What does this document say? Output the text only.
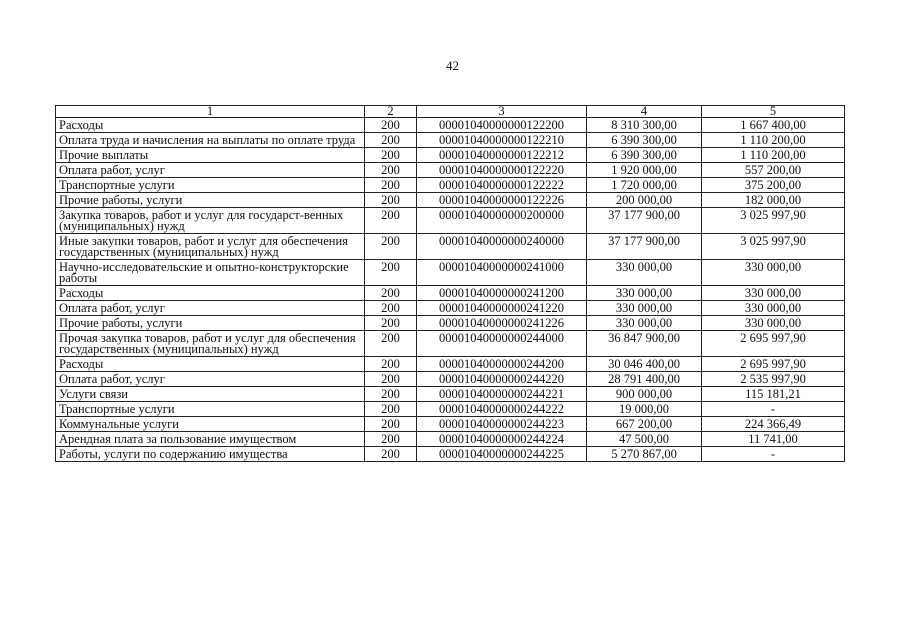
42
1	2	3	4	5
Расходы	200	00001040000000122200	8 310 300,00	1 667 400,00
Оплата труда и начисления на выплаты по оплате труда	200	00001040000000122210	6 390 300,00	1 110 200,00
Прочие выплаты	200	00001040000000122212	6 390 300,00	1 110 200,00
Оплата работ, услуг	200	00001040000000122220	1 920 000,00	557 200,00
Транспортные услуги	200	00001040000000122222	1 720 000,00	375 200,00
Прочие работы, услуги	200	00001040000000122226	200 000,00	182 000,00
Закупка товаров, работ и услуг для государст-венных (муниципальных) нужд	200	00001040000000200000	37 177 900,00	3 025 997,90
Иные закупки товаров, работ и услуг для обеспечения государственных (муниципальных) нужд	200	00001040000000240000	37 177 900,00	3 025 997,90
Научно-исследовательские и опытно-конструкторские работы	200	00001040000000241000	330 000,00	330 000,00
Расходы	200	00001040000000241200	330 000,00	330 000,00
Оплата работ, услуг	200	00001040000000241220	330 000,00	330 000,00
Прочие работы, услуги	200	00001040000000241226	330 000,00	330 000,00
Прочая закупка товаров, работ и услуг для обеспечения государственных (муниципальных) нужд	200	00001040000000244000	36 847 900,00	2 695 997,90
Расходы	200	00001040000000244200	30 046 400,00	2 695 997,90
Оплата работ, услуг	200	00001040000000244220	28 791 400,00	2 535 997,90
Услуги связи	200	00001040000000244221	900 000,00	115 181,21
Транспортные услуги	200	00001040000000244222	19 000,00	-
Коммунальные услуги	200	00001040000000244223	667 200,00	224 366,49
Арендная плата за пользование имуществом	200	00001040000000244224	47 500,00	11 741,00
Работы, услуги по содержанию имущества	200	00001040000000244225	5 270 867,00	-
